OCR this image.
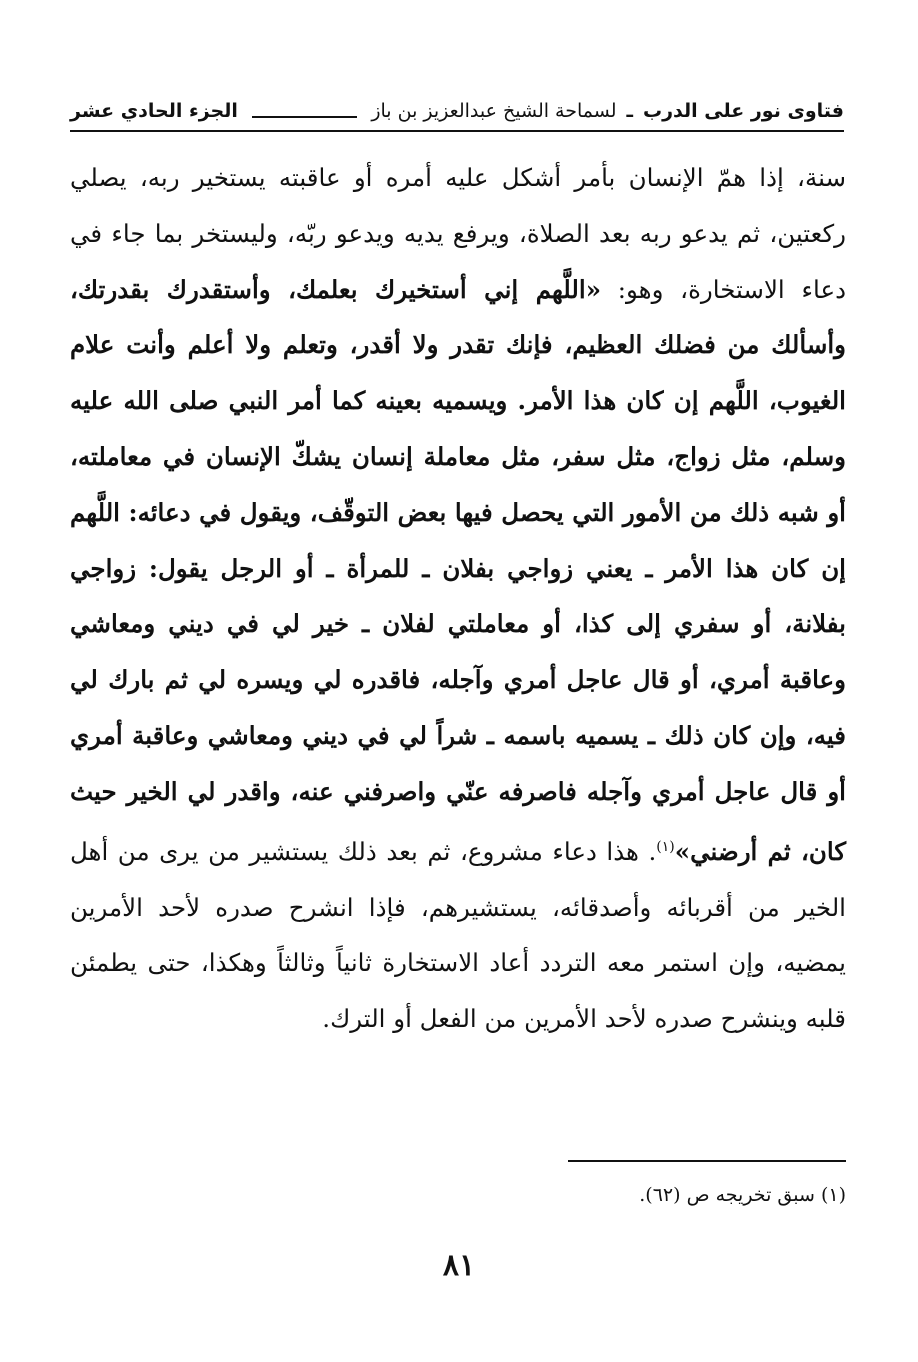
فتاوى نور على الدرب
ـ
لسماحة الشيخ عبدالعزيز بن باز
الجزء الحادي عشر

سنة، إذا همّ الإنسان بأمر أشكل عليه أمره أو عاقبته يستخير ربه، يصلي ركعتين، ثم يدعو ربه بعد الصلاة، ويرفع يديه ويدعو ربّه، وليستخر بما جاء في دعاء الاستخارة، وهو: «اللَّهم إني أستخيرك بعلمك، وأستقدرك بقدرتك، وأسألك من فضلك العظيم، فإنك تقدر ولا أقدر، وتعلم ولا أعلم وأنت علام الغيوب، اللَّهم إن كان هذا الأمر. ويسميه بعينه كما أمر النبي صلى الله عليه وسلم، مثل زواج، مثل سفر، مثل معاملة إنسان يشكّ الإنسان في معاملته، أو شبه ذلك من الأمور التي يحصل فيها بعض التوقّف، ويقول في دعائه: اللَّهم إن كان هذا الأمر ـ يعني زواجي بفلان ـ للمرأة ـ أو الرجل يقول: زواجي بفلانة، أو سفري إلى كذا، أو معاملتي لفلان ـ خير لي في ديني ومعاشي وعاقبة أمري، أو قال عاجل أمري وآجله، فاقدره لي ويسره لي ثم بارك لي فيه، وإن كان ذلك ـ يسميه باسمه ـ شراً لي في ديني ومعاشي وعاقبة أمري أو قال عاجل أمري وآجله فاصرفه عنّي واصرفني عنه، واقدر لي الخير حيث كان، ثم أرضني»$^{(١)}$. هذا دعاء مشروع، ثم بعد ذلك يستشير من يرى من أهل الخير من أقربائه وأصدقائه، يستشيرهم، فإذا انشرح صدره لأحد الأمرين يمضيه، وإن استمر معه التردد أعاد الاستخارة ثانياً وثالثاً وهكذا، حتى يطمئن قلبه وينشرح صدره لأحد الأمرين من الفعل أو الترك.

(١) سبق تخريجه ص (٦٢).
٨١
